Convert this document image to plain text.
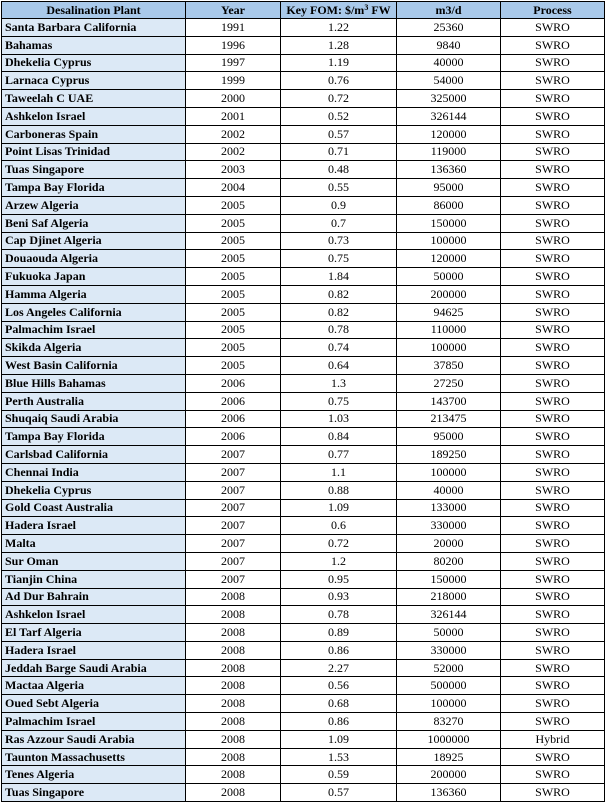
Desalination Plant	Year	Key FOM: $\$/m^3$ FW	m3/d	Process
Santa Barbara California	1991	1.22	25360	SWRO
Bahamas	1996	1.28	9840	SWRO
Dhekelia Cyprus	1997	1.19	40000	SWRO
Larnaca Cyprus	1999	0.76	54000	SWRO
Taweelah C UAE	2000	0.72	325000	SWRO
Ashkelon Israel	2001	0.52	326144	SWRO
Carboneras Spain	2002	0.57	120000	SWRO
Point Lisas Trinidad	2002	0.71	119000	SWRO
Tuas Singapore	2003	0.48	136360	SWRO
Tampa Bay Florida	2004	0.55	95000	SWRO
Arzew Algeria	2005	0.9	86000	SWRO
Beni Saf Algeria	2005	0.7	150000	SWRO
Cap Djinet Algeria	2005	0.73	100000	SWRO
Douaouda Algeria	2005	0.75	120000	SWRO
Fukuoka Japan	2005	1.84	50000	SWRO
Hamma Algeria	2005	0.82	200000	SWRO
Los Angeles California	2005	0.82	94625	SWRO
Palmachim Israel	2005	0.78	110000	SWRO
Skikda Algeria	2005	0.74	100000	SWRO
West Basin California	2005	0.64	37850	SWRO
Blue Hills Bahamas	2006	1.3	27250	SWRO
Perth Australia	2006	0.75	143700	SWRO
Shuqaiq Saudi Arabia	2006	1.03	213475	SWRO
Tampa Bay Florida	2006	0.84	95000	SWRO
Carlsbad California	2007	0.77	189250	SWRO
Chennai India	2007	1.1	100000	SWRO
Dhekelia Cyprus	2007	0.88	40000	SWRO
Gold Coast Australia	2007	1.09	133000	SWRO
Hadera Israel	2007	0.6	330000	SWRO
Malta	2007	0.72	20000	SWRO
Sur Oman	2007	1.2	80200	SWRO
Tianjin China	2007	0.95	150000	SWRO
Ad Dur Bahrain	2008	0.93	218000	SWRO
Ashkelon Israel	2008	0.78	326144	SWRO
El Tarf Algeria	2008	0.89	50000	SWRO
Hadera Israel	2008	0.86	330000	SWRO
Jeddah Barge Saudi Arabia	2008	2.27	52000	SWRO
Mactaa Algeria	2008	0.56	500000	SWRO
Oued Sebt Algeria	2008	0.68	100000	SWRO
Palmachim Israel	2008	0.86	83270	SWRO
Ras Azzour Saudi Arabia	2008	1.09	1000000	Hybrid
Taunton Massachusetts	2008	1.53	18925	SWRO
Tenes Algeria	2008	0.59	200000	SWRO
Tuas Singapore	2008	0.57	136360	SWRO
